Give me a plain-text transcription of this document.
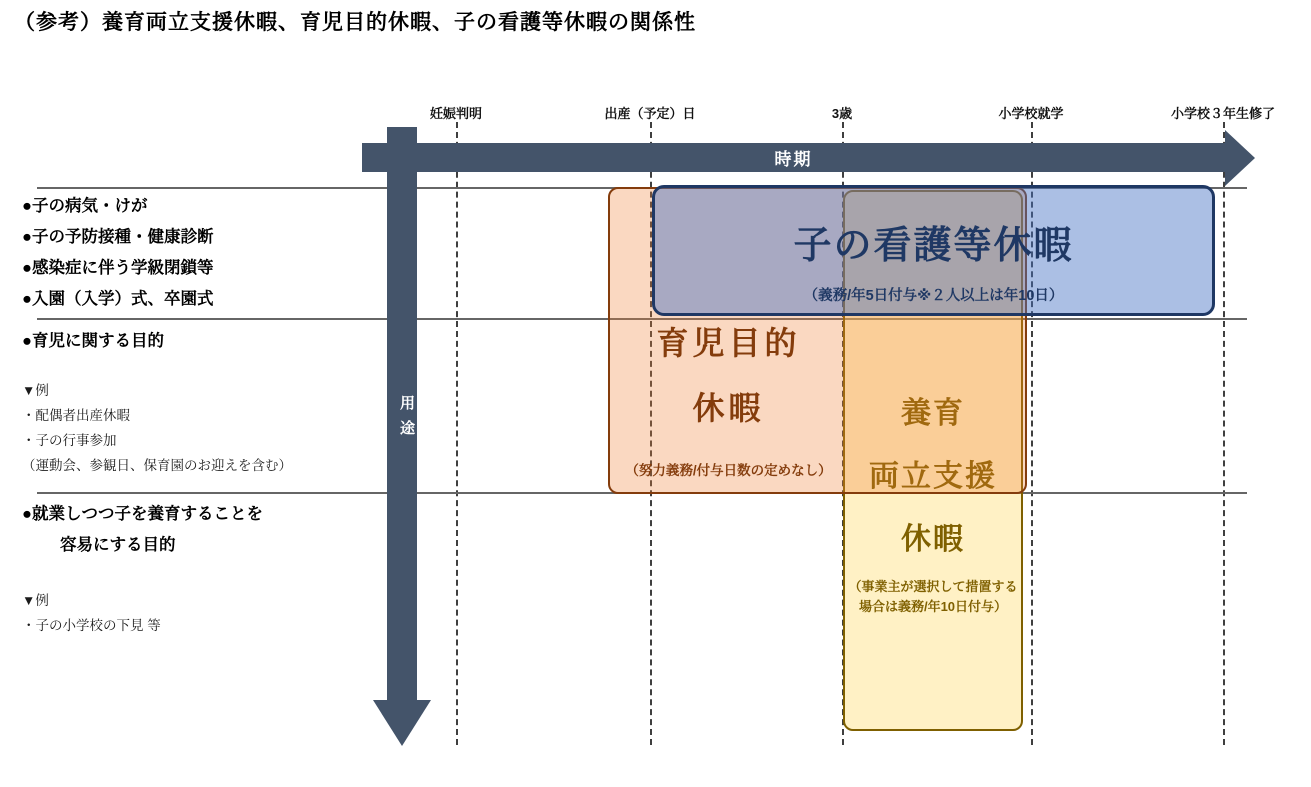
（参考）養育両立支援休暇、育児目的休暇、子の看護等休暇の関係性
妊娠判明	出産（予定）日	3歳	小学校就学	小学校３年生修了
時期
用途
●子の病気・けが
●子の予防接種・健康診断
●感染症に伴う学級閉鎖等
●入園（入学）式、卒園式
●育児に関する目的
▼例
・配偶者出産休暇
・子の行事参加
（運動会、参観日、保育園のお迎えを含む）
●就業しつつ子を養育することを
容易にする目的
▼例
・子の小学校の下見 等
養育
両立支援
休暇
（事業主が選択して措置する
場合は義務/年10日付与）
育児目的
休暇
（努力義務/付与日数の定めなし）
子の看護等休暇
（義務/年5日付与※２人以上は年10日）
